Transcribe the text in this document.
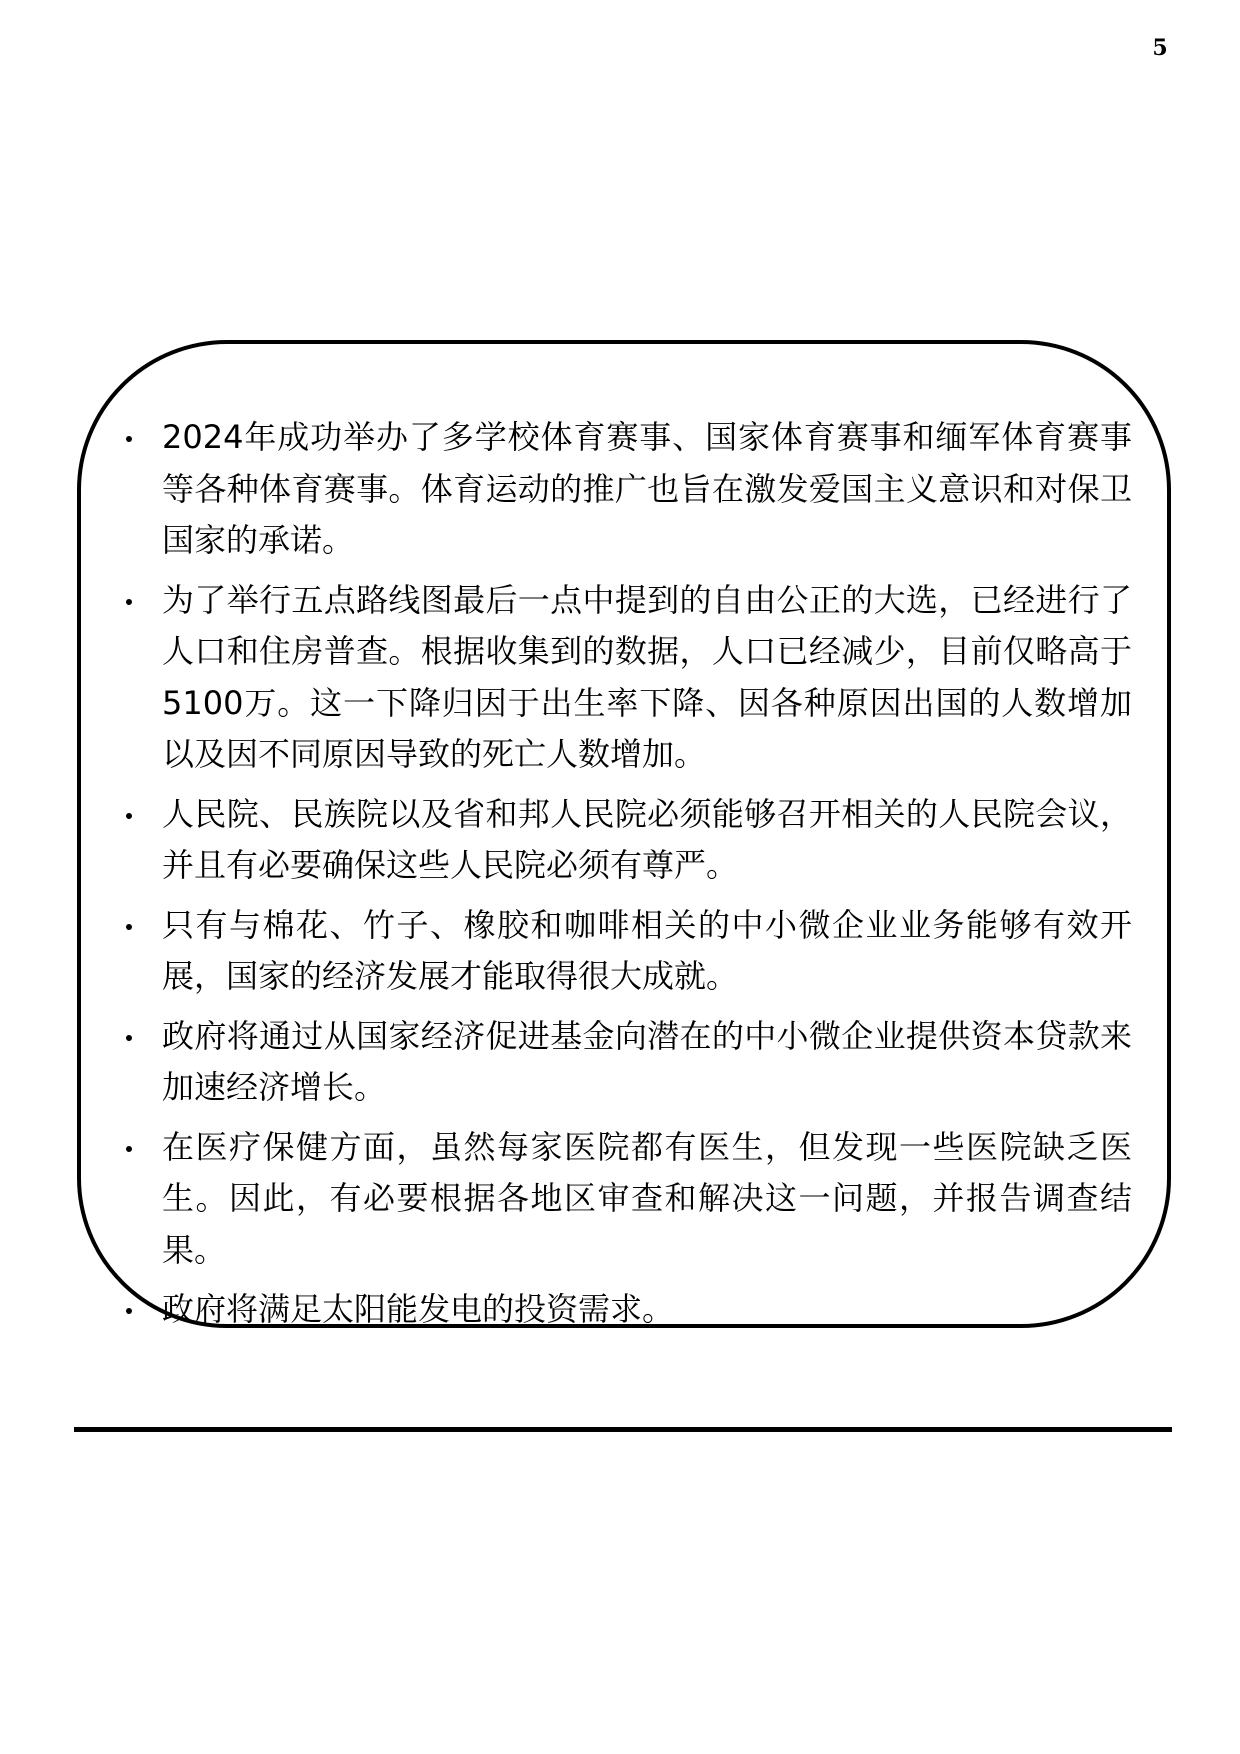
5
2024年成功举办了多学校体育赛事、国家体育赛事和缅军体育赛事等各种体育赛事。体育运动的推广也旨在激发爱国主义意识和对保卫国家的承诺。
为了举行五点路线图最后一点中提到的自由公正的大选，已经进行了人口和住房普查。根据收集到的数据，人口已经减少，目前仅略高于5100万。这一下降归因于出生率下降、因各种原因出国的人数增加以及因不同原因导致的死亡人数增加。
人民院、民族院以及省和邦人民院必须能够召开相关的人民院会议，并且有必要确保这些人民院必须有尊严。
只有与棉花、竹子、橡胶和咖啡相关的中小微企业业务能够有效开展，国家的经济发展才能取得很大成就。
政府将通过从国家经济促进基金向潜在的中小微企业提供资本贷款来加速经济增长。
在医疗保健方面，虽然每家医院都有医生，但发现一些医院缺乏医生。因此，有必要根据各地区审查和解决这一问题，并报告调查结果。
政府将满足太阳能发电的投资需求。
